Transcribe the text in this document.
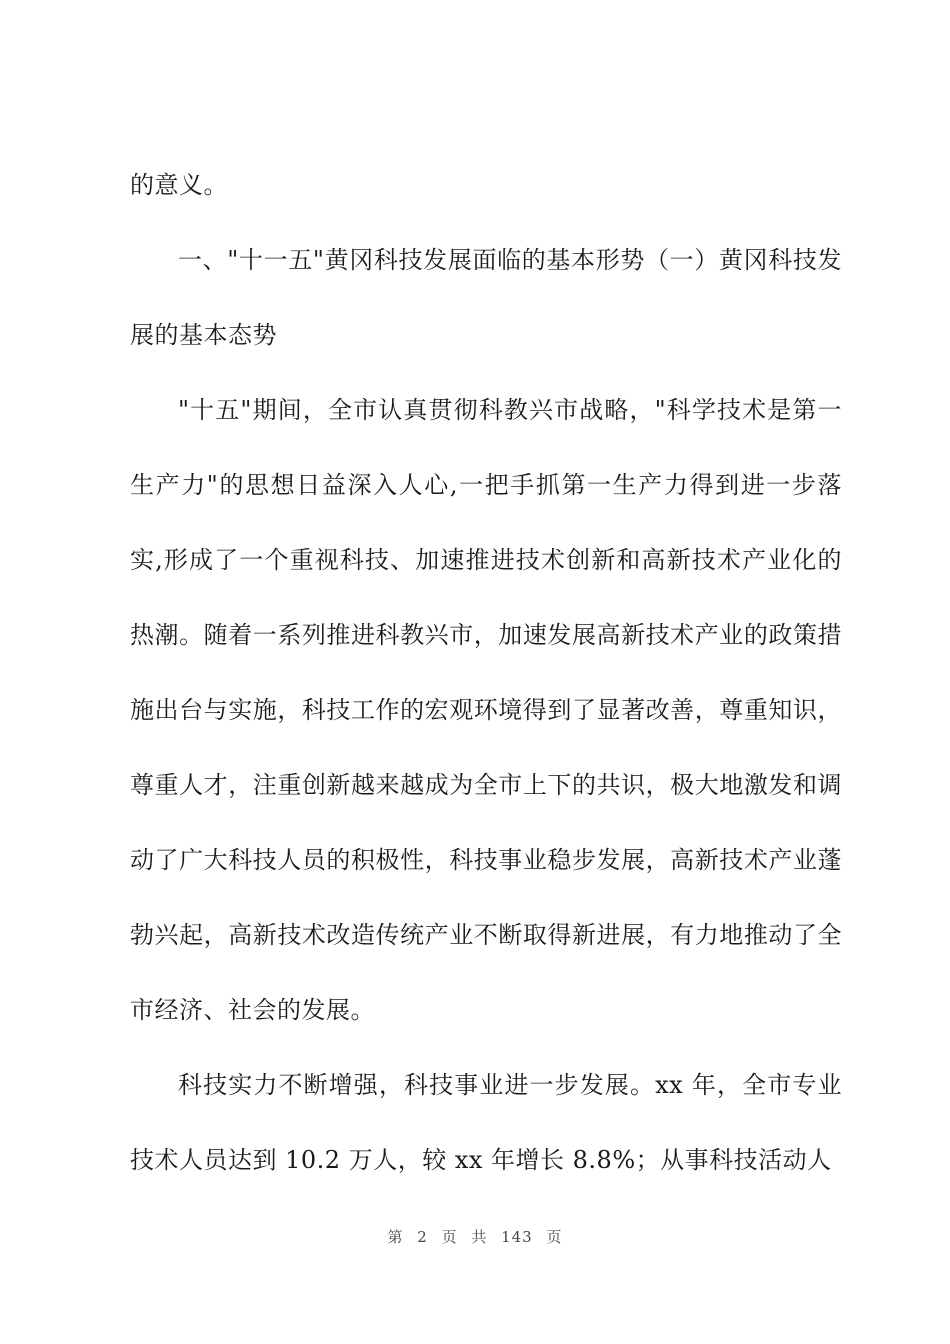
的意义。

一、"十一五"黄冈科技发展面临的基本形势（一）黄冈科技发展的基本态势

"十五"期间，全市认真贯彻科教兴市战略，"科学技术是第一生产力"的思想日益深入人心,一把手抓第一生产力得到进一步落实,形成了一个重视科技、加速推进技术创新和高新技术产业化的热潮。随着一系列推进科教兴市，加速发展高新技术产业的政策措施出台与实施，科技工作的宏观环境得到了显著改善，尊重知识，尊重人才，注重创新越来越成为全市上下的共识，极大地激发和调动了广大科技人员的积极性，科技事业稳步发展，高新技术产业蓬勃兴起，高新技术改造传统产业不断取得新进展，有力地推动了全市经济、社会的发展。

科技实力不断增强，科技事业进一步发展。xx 年，全市专业技术人员达到 10.2 万人，较 xx 年增长 8.8%；从事科技活动人

第 2 页 共 143 页
